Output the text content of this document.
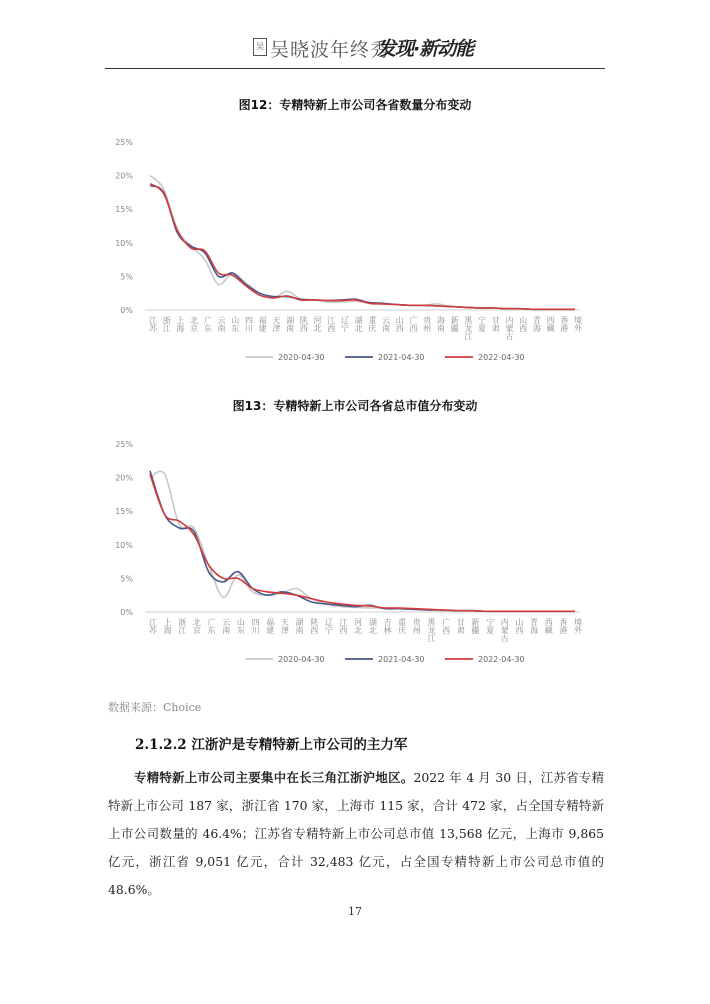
吴 吴晓波年终秀
发现·新动能
图12：专精特新上市公司各省数量分布变动
0%
5%
10%
15%
20%
25%
江苏 浙江 上海 北京 广东 云南 山东 四川 福建 天津 湖南 陕西 河北 江西 辽宁 湖北 重庆 云南 山西 广西 贵州 海南 新疆 黑龙江 宁夏 甘肃 内蒙古 山西 青海 西藏 香港 境外
2020-04-30	2021-04-30	2022-04-30
图13：专精特新上市公司各省总市值分布变动
0%
5%
10%
15%
20%
25%
江苏 上海 浙江 北京 广东 云南 山东 四川 福建 天津 湖南 陕西 辽宁 江西 河北 湖北 吉林 重庆 贵州 黑龙江 广西 甘肃 新疆 宁夏 内蒙古 山西 青海 西藏 香港 境外
2020-04-30	2021-04-30	2022-04-30
数据来源：Choice
2.1.2.2 江浙沪是专精特新上市公司的主力军
专精特新上市公司主要集中在长三角江浙沪地区。2022 年 4 月 30 日，江苏省专精特新上市公司 187 家，浙江省 170 家，上海市 115 家，合计 472 家，占全国专精特新上市公司数量的 46.4%；江苏省专精特新上市公司总市值 13,568 亿元，上海市 9,865 亿元，浙江省 9,051 亿元，合计 32,483 亿元，占全国专精特新上市公司总市值的 48.6%。
17
